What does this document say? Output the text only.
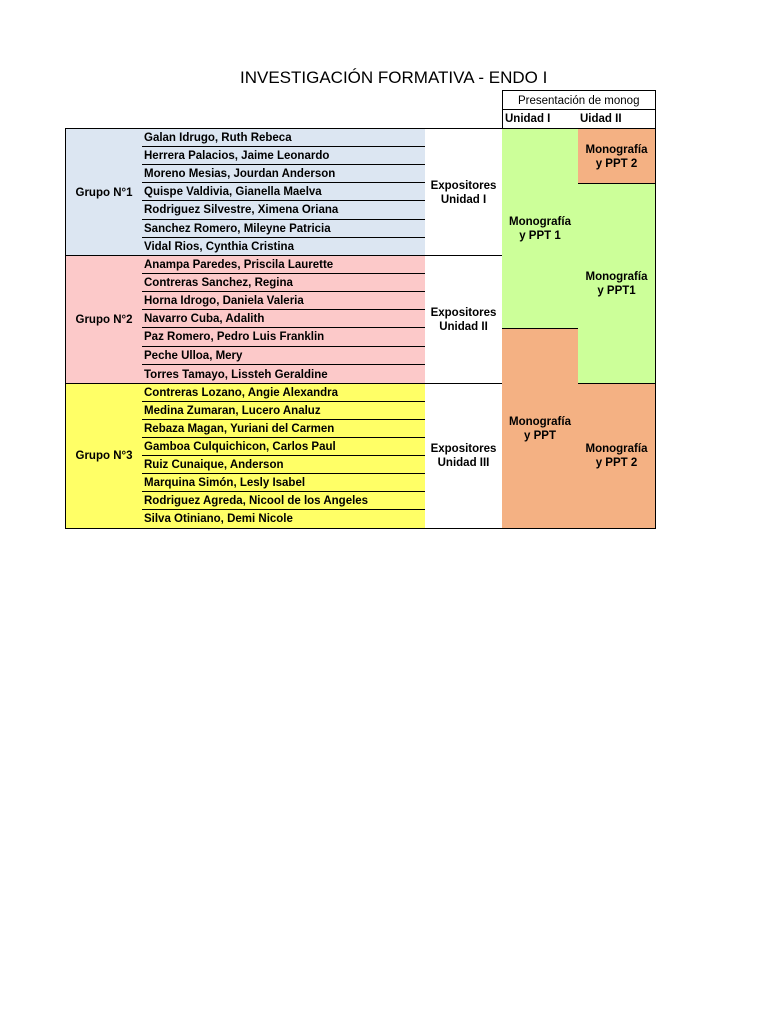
INVESTIGACIÓN FORMATIVA - ENDO I
Presentación de monog
Unidad I	Uidad II
Grupo N°1
Galan Idrugo, Ruth Rebeca
Herrera Palacios, Jaime Leonardo
Moreno Mesias, Jourdan Anderson
Quispe Valdivia, Gianella Maelva
Rodriguez Silvestre, Ximena Oriana
Sanchez Romero, Mileyne Patricia
Vidal Rios, Cynthia Cristina
Expositores
Unidad I
Grupo N°2
Anampa Paredes, Priscila Laurette
Contreras Sanchez, Regina
Horna Idrogo, Daniela Valeria
Navarro Cuba, Adalith
Paz Romero, Pedro Luis Franklin
Peche Ulloa, Mery
Torres Tamayo, Lissteh Geraldine
Expositores
Unidad II
Grupo N°3
Contreras Lozano, Angie Alexandra
Medina Zumaran, Lucero Analuz
Rebaza Magan, Yuriani del Carmen
Gamboa Culquichicon, Carlos Paul
Ruiz Cunaique, Anderson
Marquina Simón, Lesly Isabel
Rodriguez Agreda, Nicool de los Angeles
Silva Otiniano, Demi Nicole
Expositores
Unidad III
Monografía
y PPT 1
Monografía
y PPT
Monografía
y PPT 2
Monografía
y PPT1
Monografía
y PPT 2
